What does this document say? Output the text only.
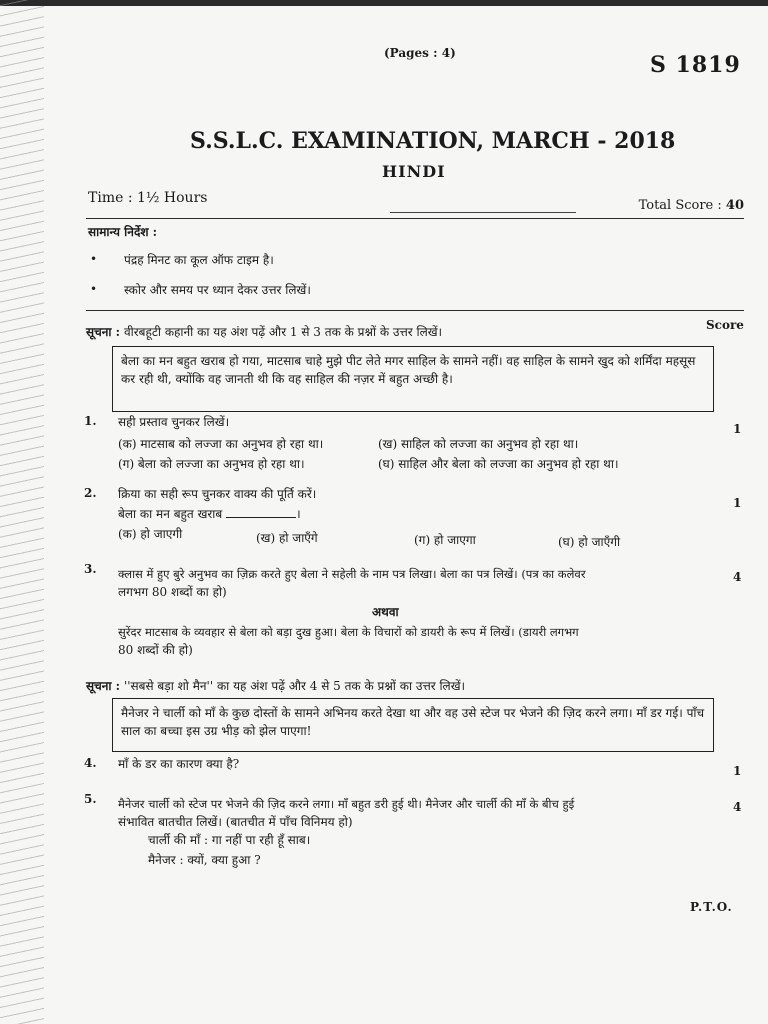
(Pages : 4)	S 1819
S.S.L.C. EXAMINATION, MARCH - 2018
HINDI
Time : 1½ Hours	Total Score : 40
सामान्य निर्देश :
• पंद्रह मिनट का कूल ऑफ टाइम है।
• स्कोर और समय पर ध्यान देकर उत्तर लिखें।
Score
सूचना : वीरबहूटी कहानी का यह अंश पढ़ें और 1 से 3 तक के प्रश्नों के उत्तर लिखें।
बेला का मन बहुत खराब हो गया, माटसाब चाहे मुझे पीट लेते मगर साहिल के सामने नहीं। वह साहिल के सामने खुद को शर्मिंदा महसूस कर रही थी, क्योंकि वह जानती थी कि वह साहिल की नज़र में बहुत अच्छी है।
1. सही प्रस्ताव चुनकर लिखें।	1
(क) माटसाब को लज्जा का अनुभव हो रहा था।	(ख) साहिल को लज्जा का अनुभव हो रहा था।
(ग) बेला को लज्जा का अनुभव हो रहा था।	(घ) साहिल और बेला को लज्जा का अनुभव हो रहा था।
2. क्रिया का सही रूप चुनकर वाक्य की पूर्ति करें।
1
बेला का मन बहुत खराब	।
(क) हो जाएगी	(ख) हो जाएँगे	(ग) हो जाएगा	(घ) हो जाएँगी
3. क्लास में हुए बुरे अनुभव का ज़िक्र करते हुए बेला ने सहेली के नाम पत्र लिखा। बेला का पत्र लिखें। (पत्र का कलेवर	4
लगभग 80 शब्दों का हो)
अथवा
सुरेंदर माटसाब के व्यवहार से बेला को बड़ा दुख हुआ। बेला के विचारों को डायरी के रूप में लिखें। (डायरी लगभग
80 शब्दों की हो)
सूचना : ''सबसे बड़ा शो मैन'' का यह अंश पढ़ें और 4 से 5 तक के प्रश्नों का उत्तर लिखें।
मैनेजर ने चार्ली को माँ के कुछ दोस्तों के सामने अभिनय करते देखा था और वह उसे स्टेज पर भेजने की ज़िद करने लगा। माँ डर गई। पाँच साल का बच्चा इस उग्र भीड़ को झेल पाएगा!
4. माँ के डर का कारण क्या है?	1
5. मैनेजर चार्ली को स्टेज पर भेजने की ज़िद करने लगा। माँ बहुत डरी हुई थी। मैनेजर और चार्ली की माँ के बीच हुई	4
संभावित बातचीत लिखें। (बातचीत में पाँच विनिमय हो)
चार्ली की माँ : गा नहीं पा रही हूँ साब।
मैनेजर : क्यों, क्या हुआ ?
P.T.O.
